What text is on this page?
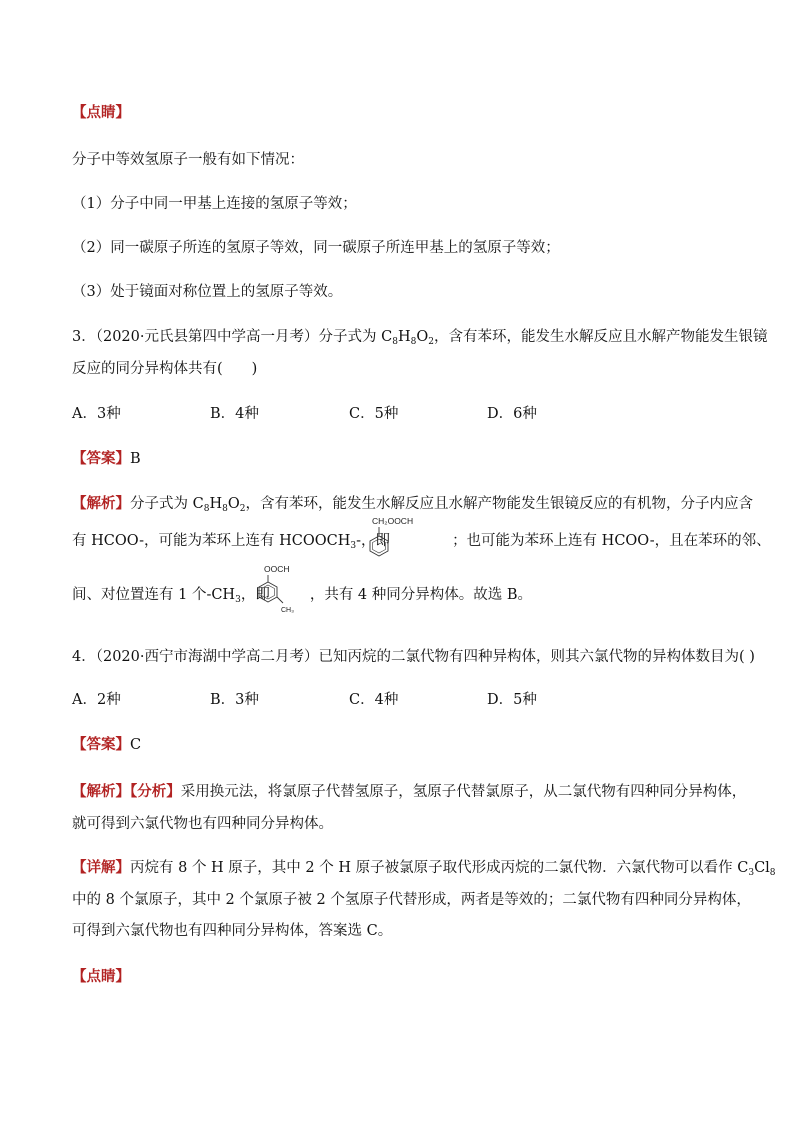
【点睛】
分子中等效氢原子一般有如下情况：
（1）分子中同一甲基上连接的氢原子等效；
（2）同一碳原子所连的氢原子等效，同一碳原子所连甲基上的氢原子等效；
（3）处于镜面对称位置上的氢原子等效。
3．（2020·元氏县第四中学高一月考）分子式为 $C_8H_8O_2$，含有苯环，能发生水解反应且水解产物能发生银镜
反应的同分异构体共有(　　)
A．3种	B．4种	C．5种	D．6种
【答案】B
【解析】分子式为 $C_8H_8O_2$，含有苯环，能发生水解反应且水解产物能发生银镜反应的有机物，分子内应含
有 HCOO-，可能为苯环上连有 $HCOOCH_3-$，即	；也可能为苯环上连有 HCOO-，且在苯环的邻、
CH₂OOCH
间、对位置连有 1 个$-CH_3$，即	，共有 4 种同分异构体。故选 B。
OOCH
CH₃
4．（2020·西宁市海湖中学高二月考）已知丙烷的二氯代物有四种异构体，则其六氯代物的异构体数目为( )
A．2种	B．3种	C．4种	D．5种
【答案】C
【解析】【分析】采用换元法，将氯原子代替氢原子，氢原子代替氯原子，从二氯代物有四种同分异构体，
就可得到六氯代物也有四种同分异构体。
【详解】丙烷有 8 个 H 原子，其中 2 个 H 原子被氯原子取代形成丙烷的二氯代物．六氯代物可以看作 $C_3Cl_8$
中的 8 个氯原子，其中 2 个氯原子被 2 个氢原子代替形成，两者是等效的；二氯代物有四种同分异构体，
可得到六氯代物也有四种同分异构体，答案选 C。
【点睛】
